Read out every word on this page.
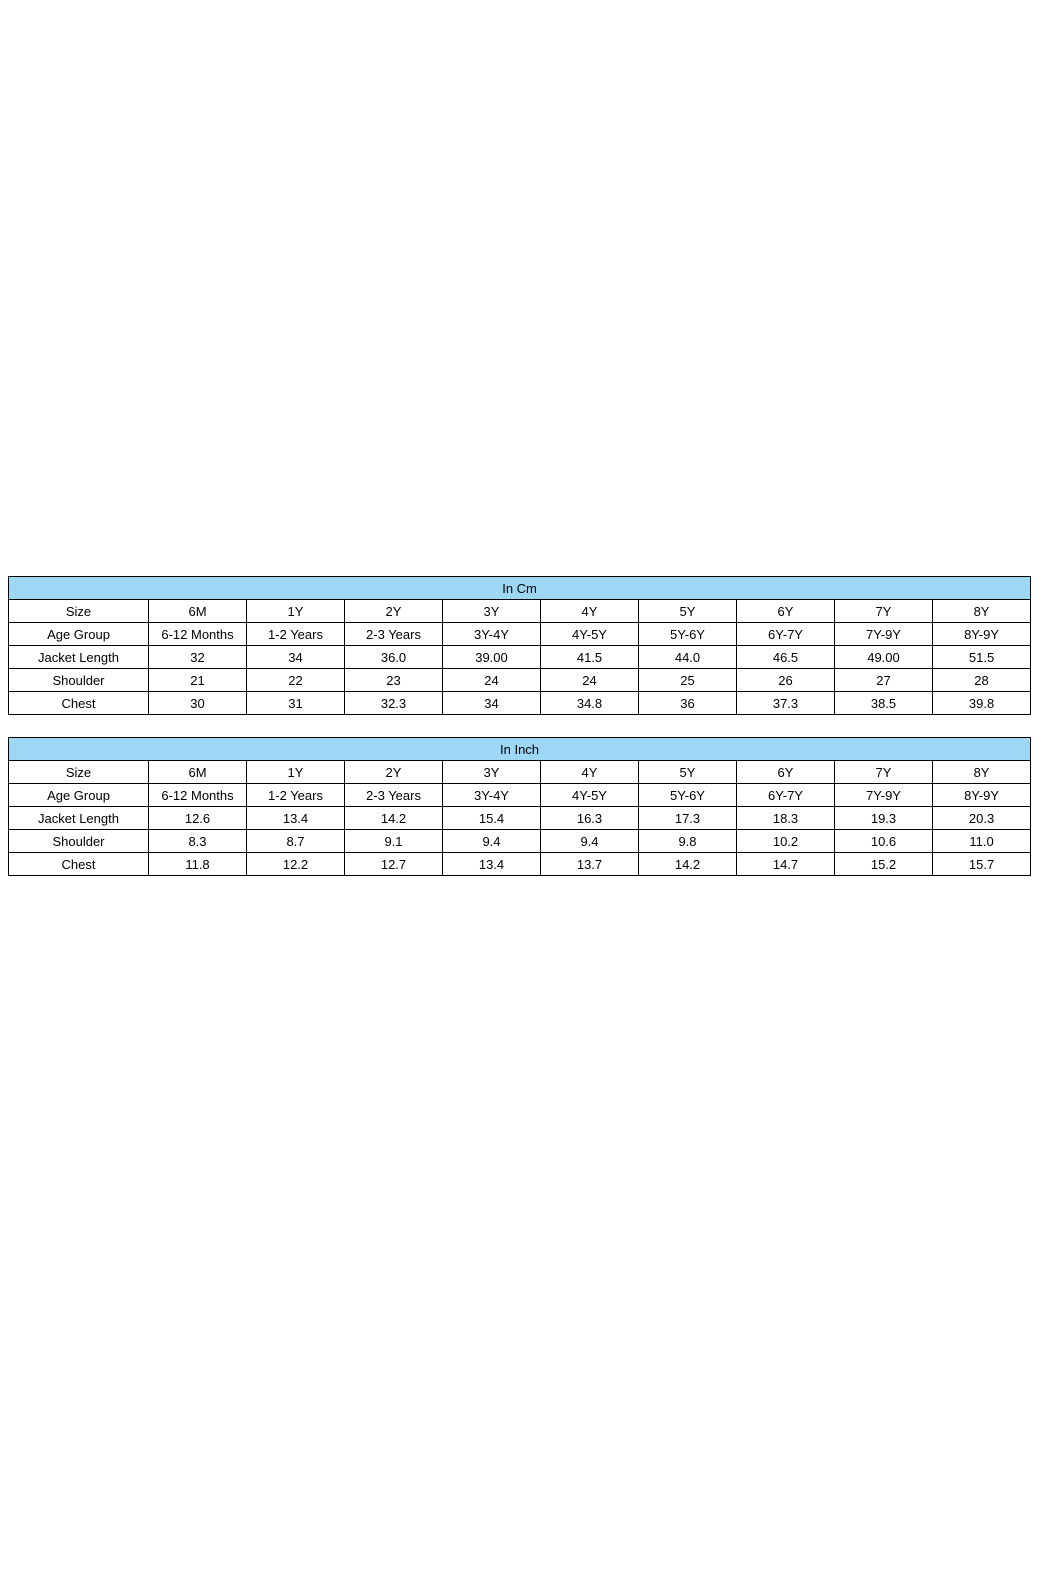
In Cm									
Size	6M	1Y	2Y	3Y	4Y	5Y	6Y	7Y	8Y
Age Group	6-12 Months	1-2 Years	2-3 Years	3Y-4Y	4Y-5Y	5Y-6Y	6Y-7Y	7Y-9Y	8Y-9Y
Jacket Length	32	34	36.0	39.00	41.5	44.0	46.5	49.00	51.5
Shoulder	21	22	23	24	24	25	26	27	28
Chest	30	31	32.3	34	34.8	36	37.3	38.5	39.8
In Inch									
Size	6M	1Y	2Y	3Y	4Y	5Y	6Y	7Y	8Y
Age Group	6-12 Months	1-2 Years	2-3 Years	3Y-4Y	4Y-5Y	5Y-6Y	6Y-7Y	7Y-9Y	8Y-9Y
Jacket Length	12.6	13.4	14.2	15.4	16.3	17.3	18.3	19.3	20.3
Shoulder	8.3	8.7	9.1	9.4	9.4	9.8	10.2	10.6	11.0
Chest	11.8	12.2	12.7	13.4	13.7	14.2	14.7	15.2	15.7
